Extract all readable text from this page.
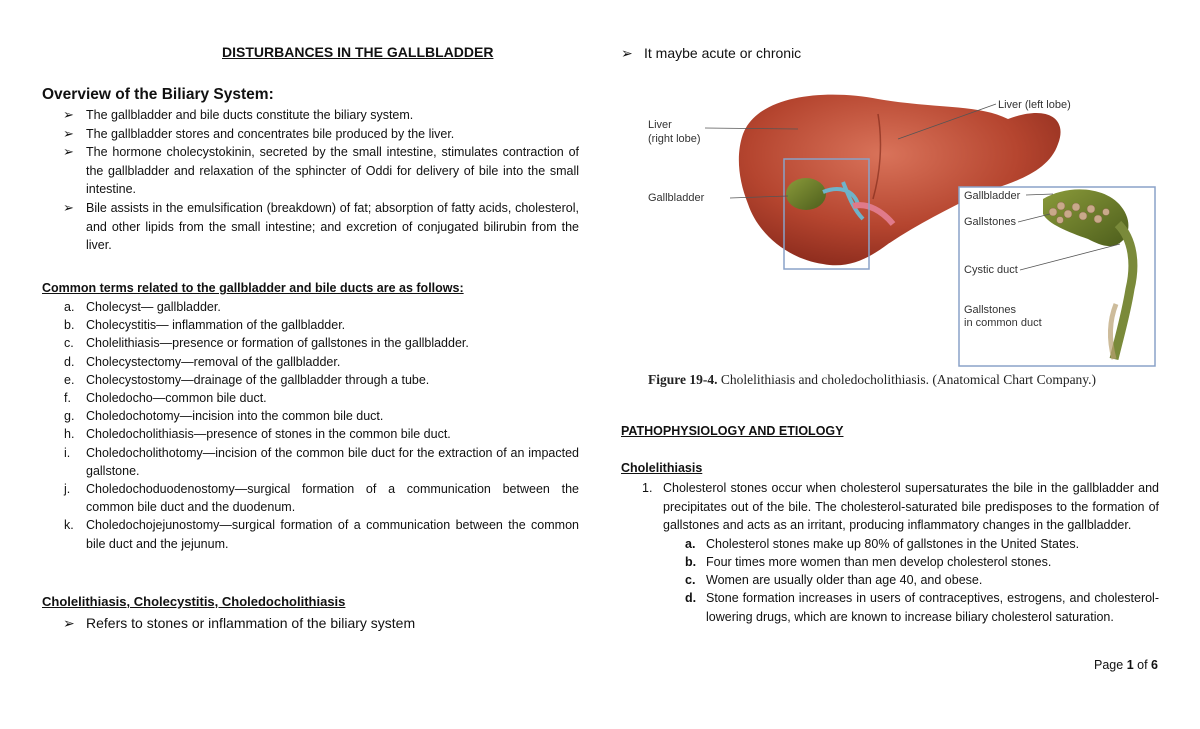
DISTURBANCES IN THE GALLBLADDER
Overview of the Biliary System:
➢ The gallbladder and bile ducts constitute the biliary system.
➢ The gallbladder stores and concentrates bile produced by the liver.
➢ The hormone cholecystokinin, secreted by the small intestine, stimulates contraction of the gallbladder and relaxation of the sphincter of Oddi for delivery of bile into the small intestine.
➢ Bile assists in the emulsification (breakdown) of fat; absorption of fatty acids, cholesterol, and other lipids from the small intestine; and excretion of conjugated bilirubin from the liver.
Common terms related to the gallbladder and bile ducts are as follows:
a. Cholecyst— gallbladder.
b. Cholecystitis— inflammation of the gallbladder.
c. Cholelithiasis—presence or formation of gallstones in the gallbladder.
d. Cholecystectomy—removal of the gallbladder.
e. Cholecystostomy—drainage of the gallbladder through a tube.
f. Choledocho—common bile duct.
g. Choledochotomy—incision into the common bile duct.
h. Choledocholithiasis—presence of stones in the common bile duct.
i. Choledocholithotomy—incision of the common bile duct for the extraction of an impacted gallstone.
j. Choledochoduodenostomy—surgical formation of a communication between the common bile duct and the duodenum.
k. Choledochojejunostomy—surgical formation of a communication between the common bile duct and the jejunum.
Cholelithiasis, Cholecystitis, Choledocholithiasis
➢ Refers to stones or inflammation of the biliary system
➢ It maybe acute or chronic
Liver
(right lobe)
Liver (left lobe)
Gallbladder	Gallbladder
Gallstones
Cystic duct
Gallstones
in common duct
Figure 19-4. Cholelithiasis and choledocholithiasis. (Anatomical Chart Company.)
PATHOPHYSIOLOGY AND ETIOLOGY
Cholelithiasis
1. Cholesterol stones occur when cholesterol supersaturates the bile in the gallbladder and precipitates out of the bile. The cholesterol-saturated bile predisposes to the formation of gallstones and acts as an irritant, producing inflammatory changes in the gallbladder.
a. Cholesterol stones make up 80% of gallstones in the United States.
b. Four times more women than men develop cholesterol stones.
c. Women are usually older than age 40, and obese.
d. Stone formation increases in users of contraceptives, estrogens, and cholesterol-lowering drugs, which are known to increase biliary cholesterol saturation.
Page 1 of 6
